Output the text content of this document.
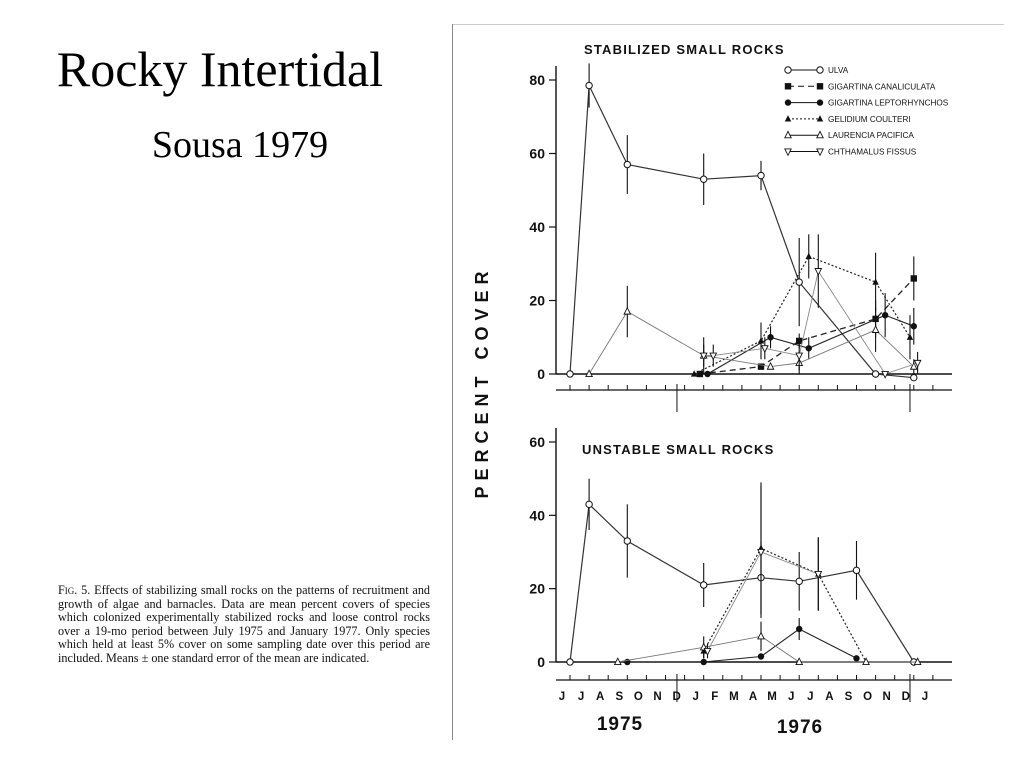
Rocky Intertidal
Sousa 1979
Fig. 5. Effects of stabilizing small rocks on the patterns of recruitment and growth of algae and barnacles. Data are mean percent covers of species which colonized experimentally stabilized rocks and loose control rocks over a 19-mo period between July 1975 and January 1977. Only species which held at least 5% cover on some sampling date over this period are included. Means ± one standard error of the mean are indicated.
PERCENT COVER
STABILIZED SMALL ROCKS
UNSTABLE SMALL ROCKS
0
20
40
60
80
0
20
40
60
ULVA
GIGARTINA CANALICULATA
GIGARTINA LEPTORHYNCHOS
GELIDIUM COULTERI
LAURENCIA PACIFICA
CHTHAMALUS FISSUS
J J A S O N D J F M A M J J A S O N D J
1975	1976
